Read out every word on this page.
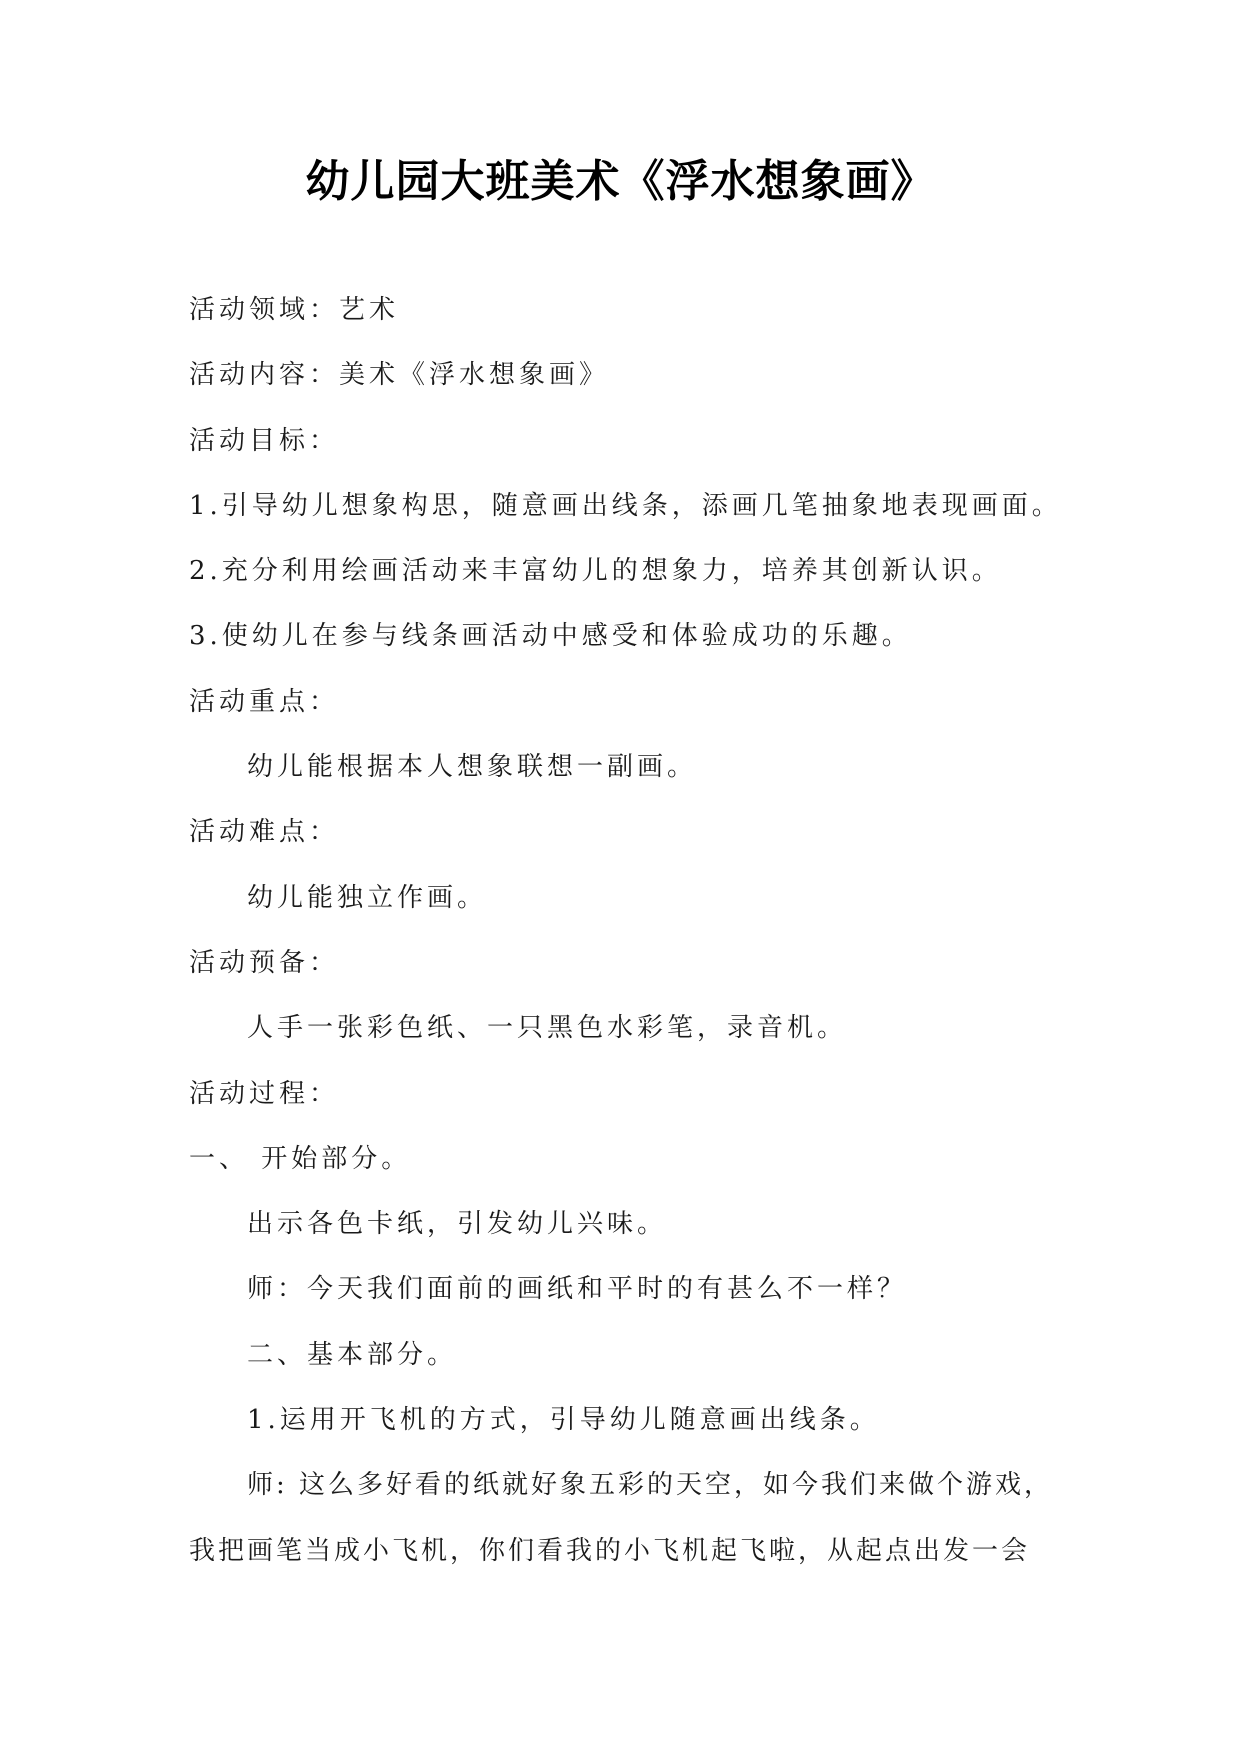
幼儿园大班美术《浮水想象画》
活动领域：艺术
活动内容：美术《浮水想象画》
活动目标：
1.引导幼儿想象构思，随意画出线条，添画几笔抽象地表现画面。
2.充分利用绘画活动来丰富幼儿的想象力，培养其创新认识。
3.使幼儿在参与线条画活动中感受和体验成功的乐趣。
活动重点：
幼儿能根据本人想象联想一副画。
活动难点：
幼儿能独立作画。
活动预备：
人手一张彩色纸、一只黑色水彩笔，录音机。
活动过程：
一、 开始部分。
出示各色卡纸，引发幼儿兴味。
师：今天我们面前的画纸和平时的有甚么不一样？
二、基本部分。
1.运用开飞机的方式，引导幼儿随意画出线条。
师: 这么多好看的纸就好象五彩的天空，如今我们来做个游戏，
我把画笔当成小飞机，你们看我的小飞机起飞啦，从起点出发一会
